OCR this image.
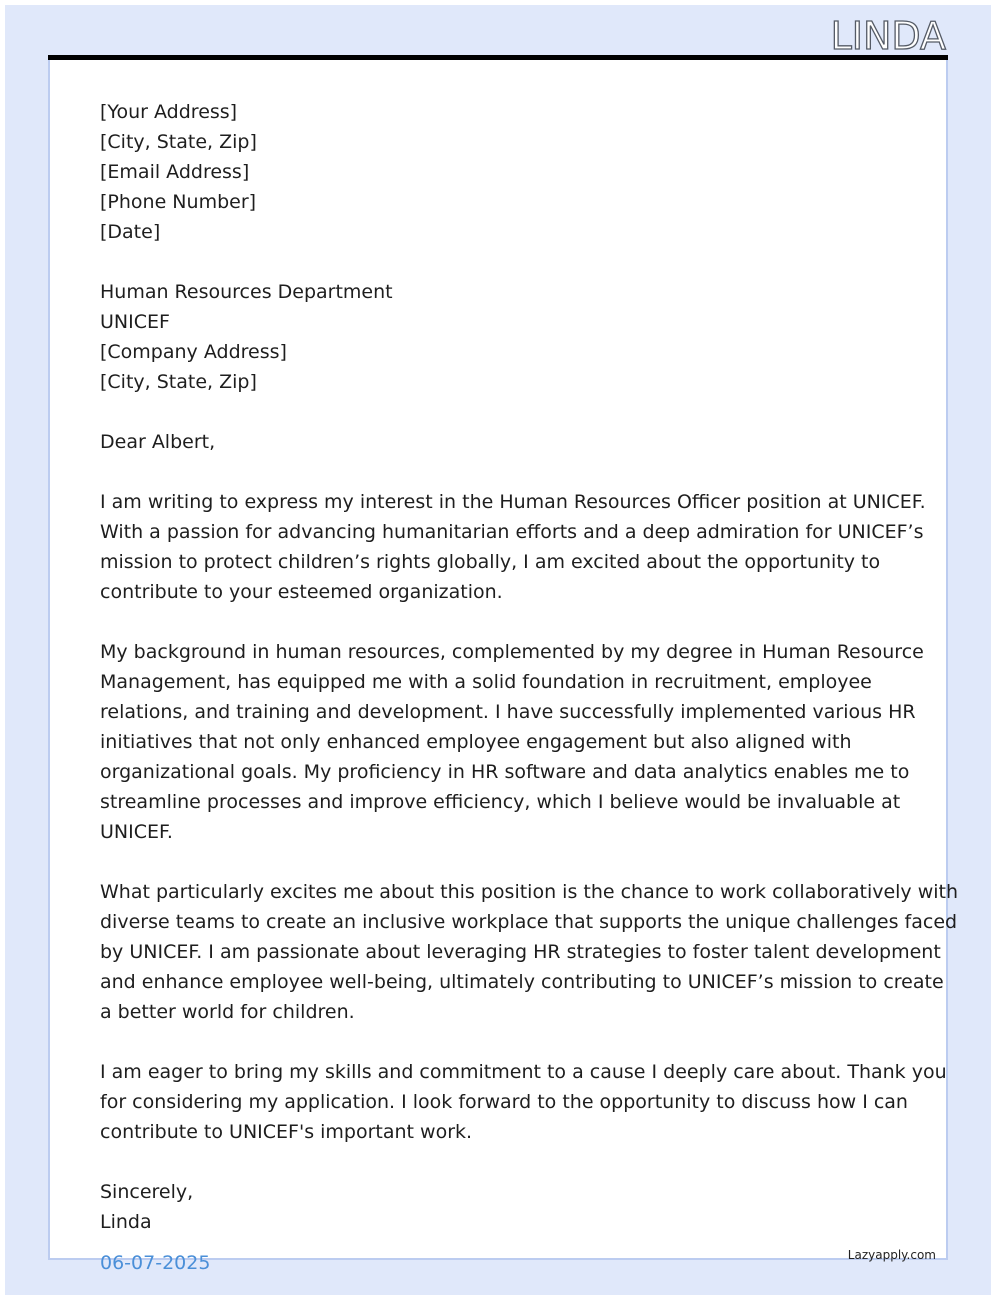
LINDA
[Your Address]
[City, State, Zip]
[Email Address]
[Phone Number]
[Date]
Human Resources Department
UNICEF
[Company Address]
[City, State, Zip]
Dear Albert,
I am writing to express my interest in the Human Resources Officer position at UNICEF.
With a passion for advancing humanitarian efforts and a deep admiration for UNICEF’s
mission to protect children’s rights globally, I am excited about the opportunity to
contribute to your esteemed organization.
My background in human resources, complemented by my degree in Human Resource
Management, has equipped me with a solid foundation in recruitment, employee
relations, and training and development. I have successfully implemented various HR
initiatives that not only enhanced employee engagement but also aligned with
organizational goals. My proficiency in HR software and data analytics enables me to
streamline processes and improve efficiency, which I believe would be invaluable at
UNICEF.
What particularly excites me about this position is the chance to work collaboratively with
diverse teams to create an inclusive workplace that supports the unique challenges faced
by UNICEF. I am passionate about leveraging HR strategies to foster talent development
and enhance employee well-being, ultimately contributing to UNICEF’s mission to create
a better world for children.
I am eager to bring my skills and commitment to a cause I deeply care about. Thank you
for considering my application. I look forward to the opportunity to discuss how I can
contribute to UNICEF's important work.
Sincerely,
Linda
06-07-2025	Lazyapply.com
